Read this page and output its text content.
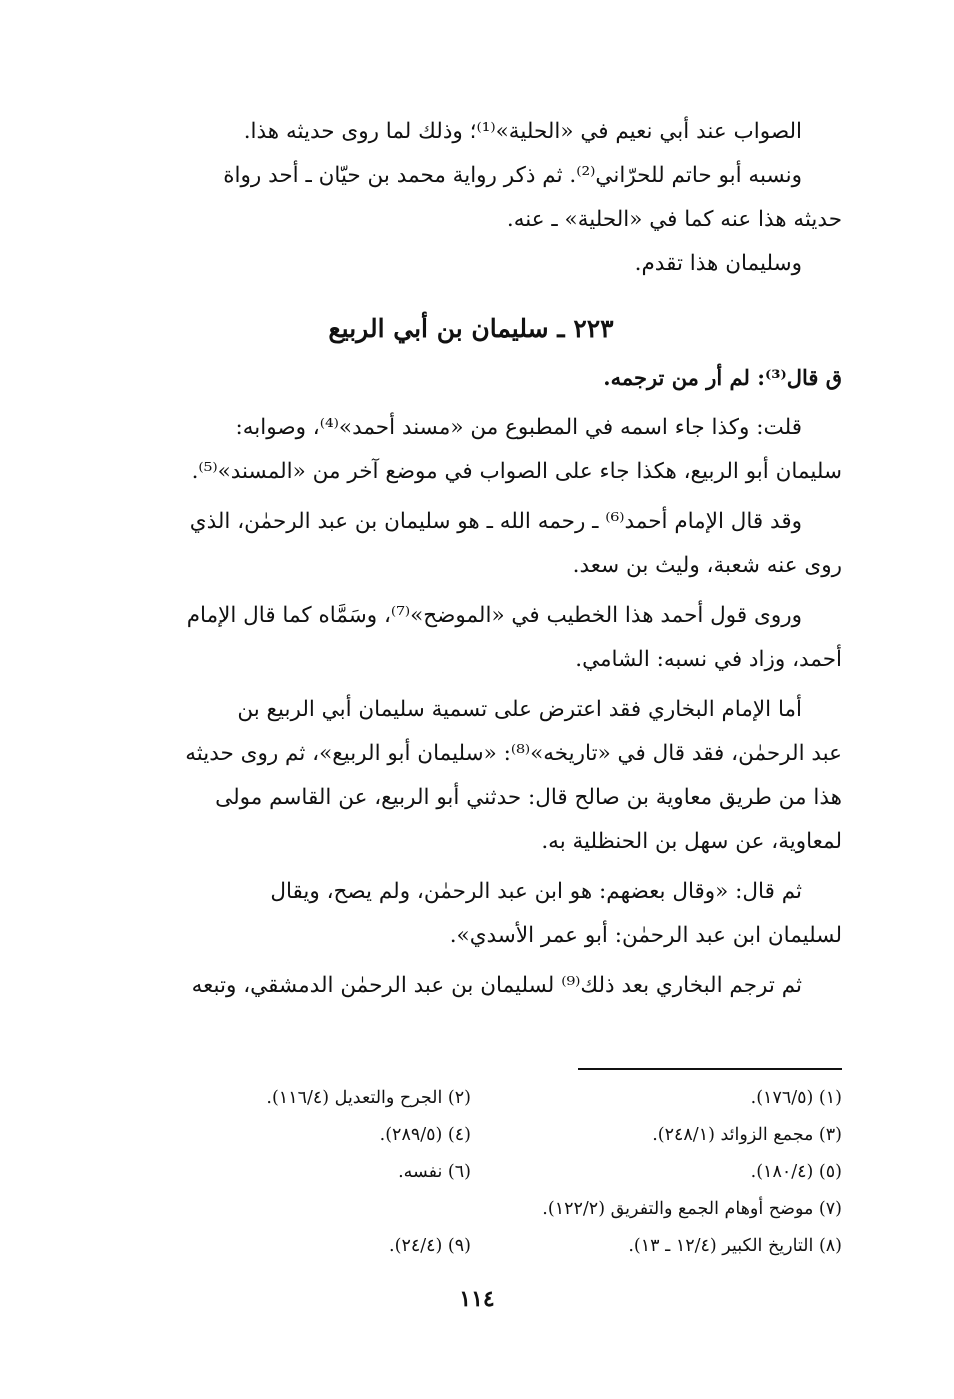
الصواب عند أبي نعيم في «الحلية»⁽¹⁾؛ وذلك لما روى حديثه هذا.

ونسبه أبو حاتم للحرّاني⁽²⁾. ثم ذكر رواية محمد بن حيّان ـ أحد رواة

حديثه هذا عنه كما في «الحلية» ـ عنه.

وسليمان هذا تقدم.

٢٢٣ ـ سليمان بن أبي الربيع

ق قال⁽³⁾: لم أر من ترجمه.

قلت: وكذا جاء اسمه في المطبوع من «مسند أحمد»⁽⁴⁾، وصوابه:
سليمان أبو الربيع، هكذا جاء على الصواب في موضع آخر من «المسند»⁽⁵⁾.

وقد قال الإمام أحمد⁽⁶⁾ ـ رحمه الله ـ هو سليمان بن عبد الرحمٰن، الذي
روى عنه شعبة، وليث بن سعد.

وروى قول أحمد هذا الخطيب في «الموضح»⁽⁷⁾، وسَمَّاه كما قال الإمام
أحمد، وزاد في نسبه: الشامي.

أما الإمام البخاري فقد اعترض على تسمية سليمان أبي الربيع بن
عبد الرحمٰن، فقد قال في «تاريخه»⁽⁸⁾: «سليمان أبو الربيع»، ثم روى حديثه
هذا من طريق معاوية بن صالح قال: حدثني أبو الربيع، عن القاسم مولى
لمعاوية، عن سهل بن الحنظلية به.

ثم قال: «وقال بعضهم: هو ابن عبد الرحمٰن، ولم يصح، ويقال
لسليمان ابن عبد الرحمٰن: أبو عمر الأسدي».

ثم ترجم البخاري بعد ذلك⁽⁹⁾ لسليمان بن عبد الرحمٰن الدمشقي، وتبعه

(١) (١٧٦/٥).
(٢) الجرح والتعديل (١١٦/٤).
(٣) مجمع الزوائد (٢٤٨/١).
(٤) (٢٨٩/٥).
(٥) (١٨٠/٤).
(٦) نفسه.
(٧) موضح أوهام الجمع والتفريق (١٢٢/٢).
(٨) التاريخ الكبير (١٢/٤ ـ ١٣).
(٩) (٢٤/٤).
١١٤
